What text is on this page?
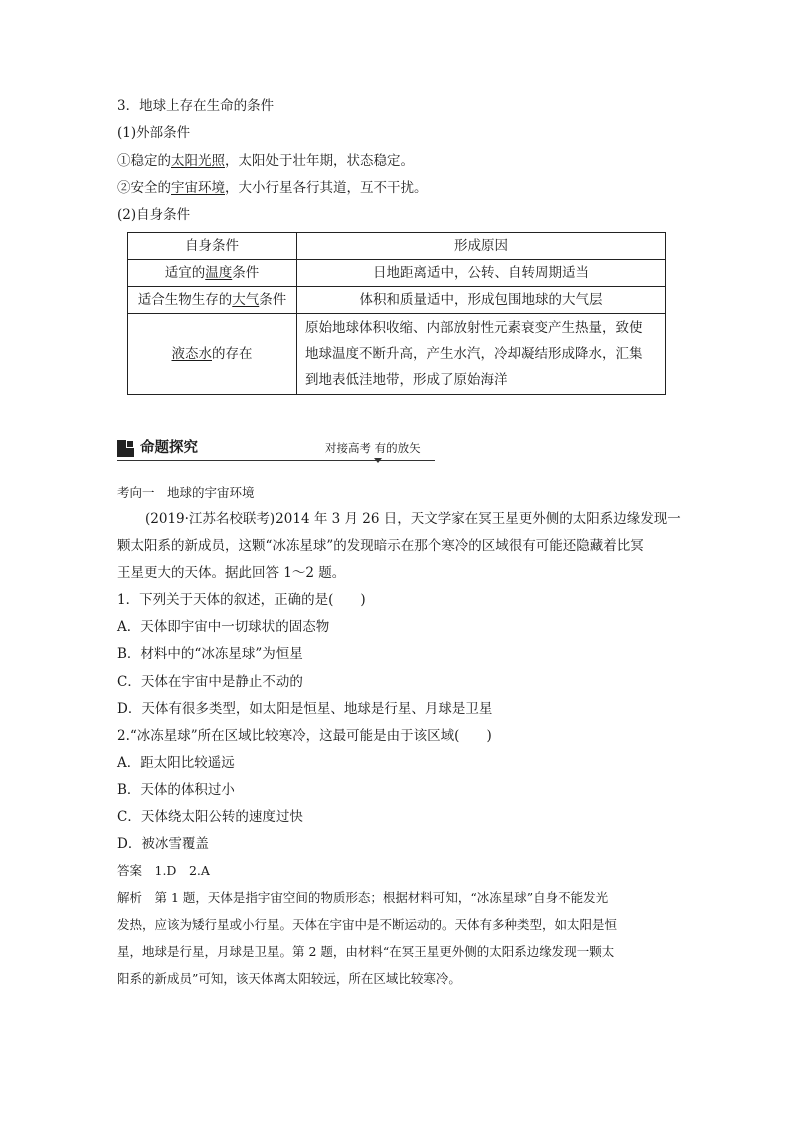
3．地球上存在生命的条件
(1)外部条件
①稳定的太阳光照，太阳处于壮年期，状态稳定。
②安全的宇宙环境，大小行星各行其道，互不干扰。
(2)自身条件
自身条件	形成原因
适宜的温度条件	日地距离适中，公转、自转周期适当
适合生物生存的大气条件	体积和质量适中，形成包围地球的大气层
液态水的存在	原始地球体积收缩、内部放射性元素衰变产生热量，致使
地球温度不断升高，产生水汽，冷却凝结形成降水，汇集
到地表低洼地带，形成了原始海洋
命题探究	对接高考 有的放矢
考向一　地球的宇宙环境
(2019·江苏名校联考)2014 年 3 月 26 日，天文学家在冥王星更外侧的太阳系边缘发现一
颗太阳系的新成员，这颗“冰冻星球”的发现暗示在那个寒冷的区域很有可能还隐藏着比冥
王星更大的天体。据此回答 1～2 题。
1．下列关于天体的叙述，正确的是(　　)
A．天体即宇宙中一切球状的固态物
B．材料中的“冰冻星球”为恒星
C．天体在宇宙中是静止不动的
D．天体有很多类型，如太阳是恒星、地球是行星、月球是卫星
2.“冰冻星球”所在区域比较寒冷，这最可能是由于该区域(　　)
A．距太阳比较遥远
B．天体的体积过小
C．天体绕太阳公转的速度过快
D．被冰雪覆盖
答案　1.D　2.A
解析　第 1 题，天体是指宇宙空间的物质形态；根据材料可知，“冰冻星球”自身不能发光
发热，应该为矮行星或小行星。天体在宇宙中是不断运动的。天体有多种类型，如太阳是恒
星，地球是行星，月球是卫星。第 2 题，由材料“在冥王星更外侧的太阳系边缘发现一颗太
阳系的新成员”可知，该天体离太阳较远，所在区域比较寒冷。
